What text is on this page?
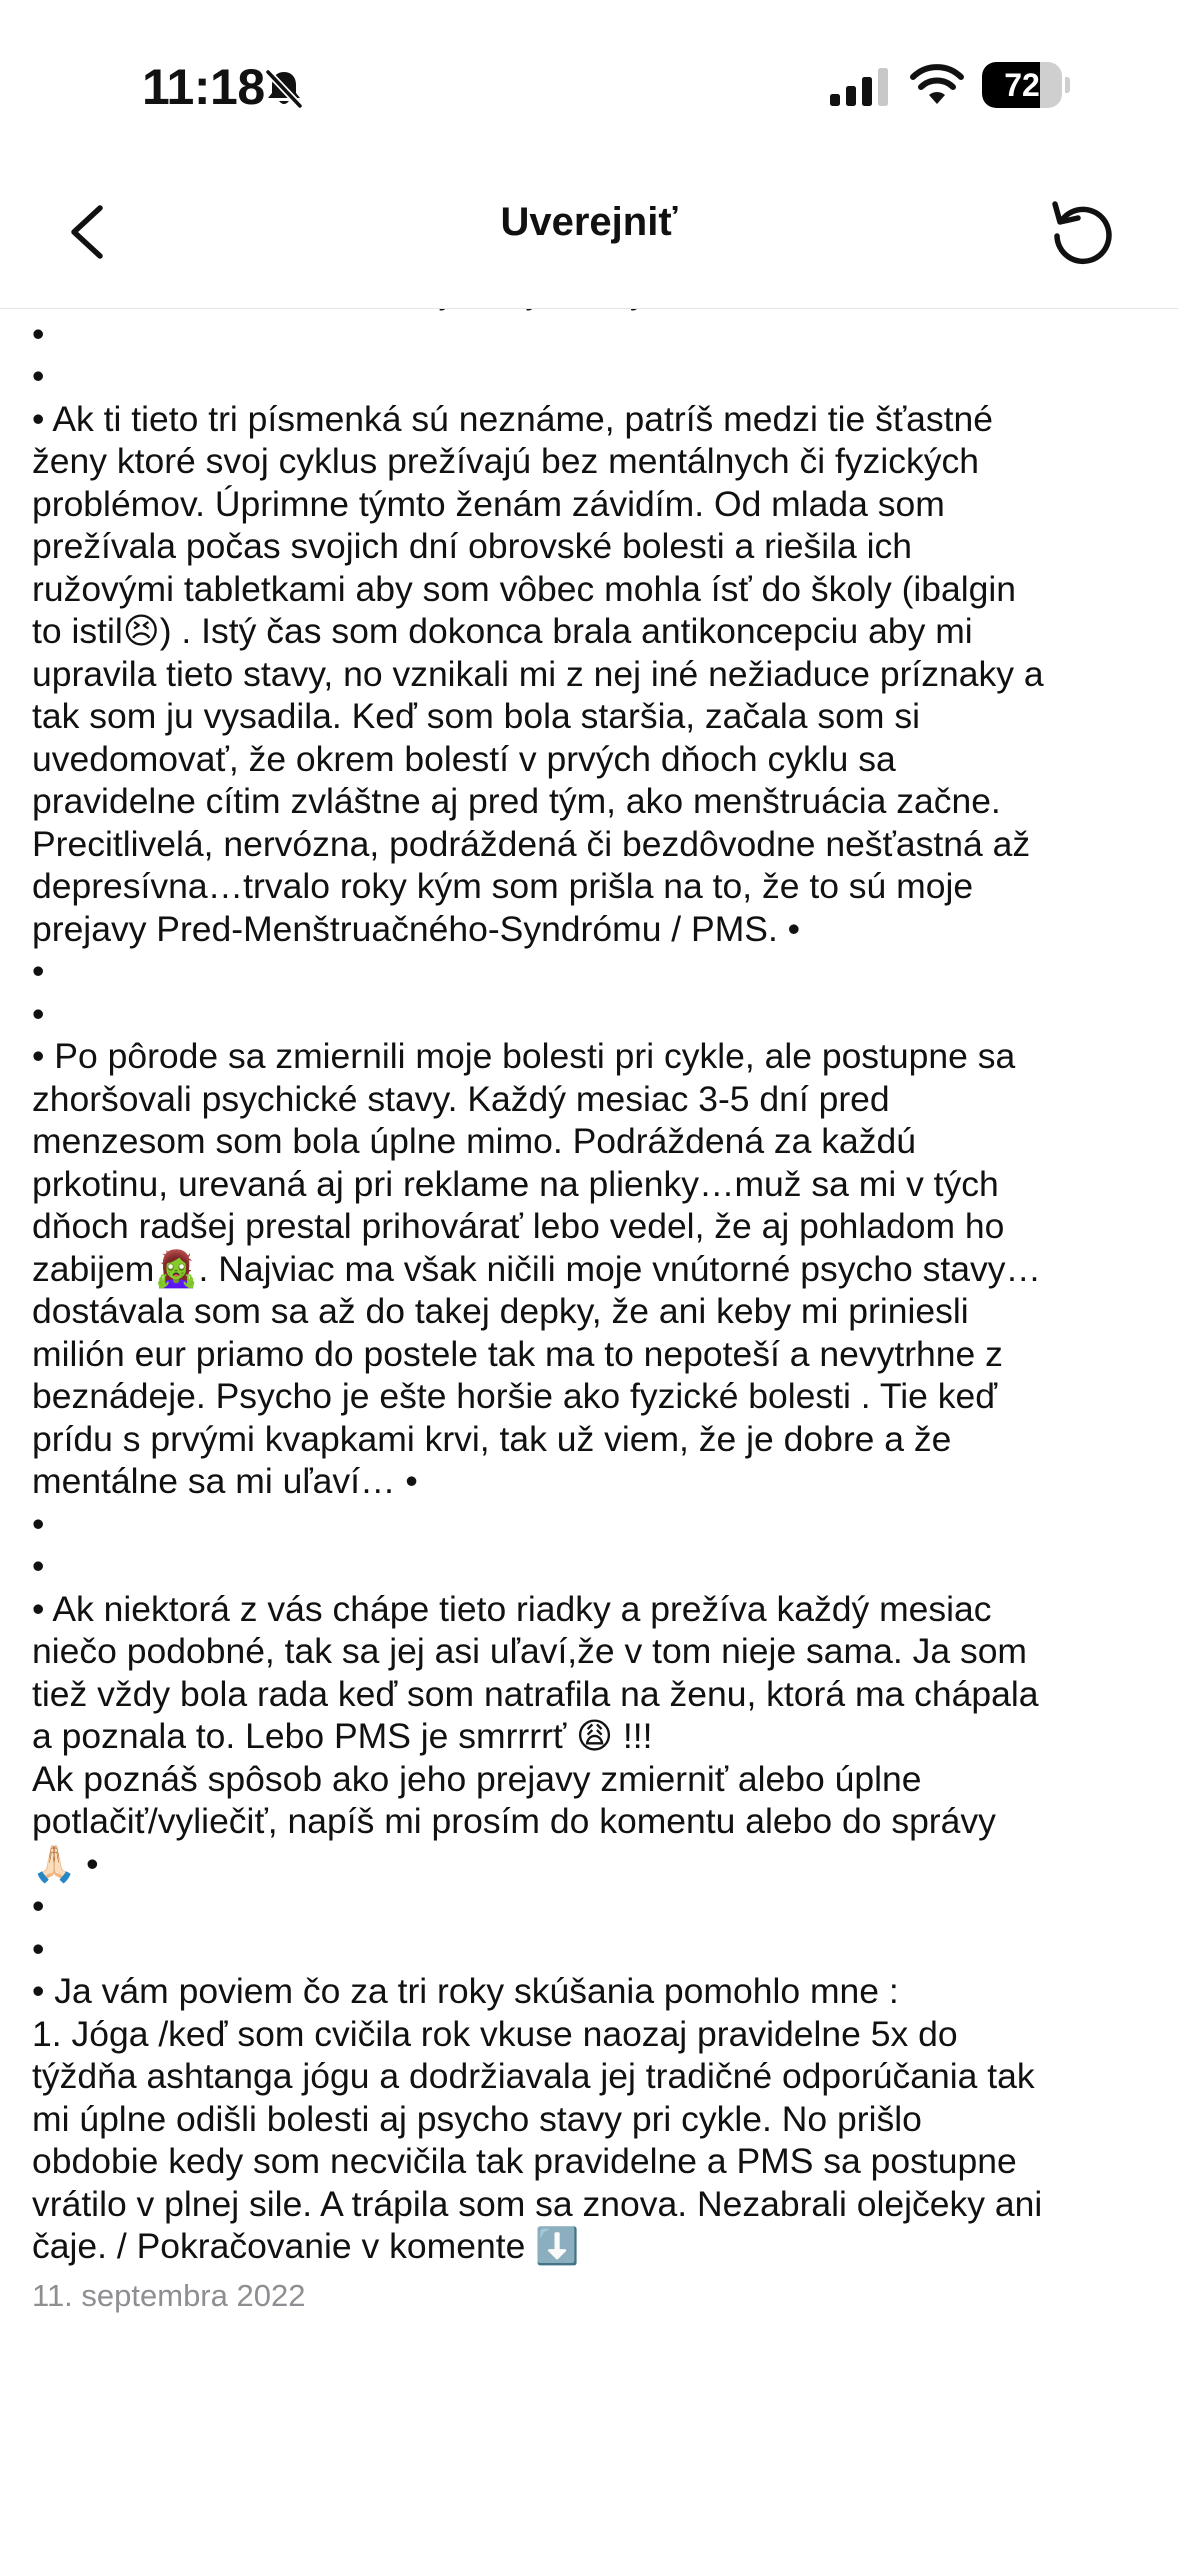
11:18	72
Uverejniť
•
•
• Ak ti tieto tri písmenká sú neznáme, patríš medzi tie šťastné
ženy ktoré svoj cyklus prežívajú bez mentálnych či fyzických
problémov. Úprimne týmto ženám závidím. Od mlada som
prežívala počas svojich dní obrovské bolesti a riešila ich
ružovými tabletkami aby som vôbec mohla ísť do školy (ibalgin
to istil😣) . Istý čas som dokonca brala antikoncepciu aby mi
upravila tieto stavy, no vznikali mi z nej iné nežiaduce príznaky a
tak som ju vysadila. Keď som bola staršia, začala som si
uvedomovať, že okrem bolestí v prvých dňoch cyklu sa
pravidelne cítim zvláštne aj pred tým, ako menštruácia začne.
Precitlivelá, nervózna, podráždená či bezdôvodne nešťastná až
depresívna…trvalo roky kým som prišla na to, že to sú moje
prejavy Pred-Menštruačného-Syndrómu / PMS. •
•
•
• Po pôrode sa zmiernili moje bolesti pri cykle, ale postupne sa
zhoršovali psychické stavy. Každý mesiac 3-5 dní pred
menzesom som bola úplne mimo. Podráždená za každú
prkotinu, urevaná aj pri reklame na plienky…muž sa mi v tých
dňoch radšej prestal prihovárať lebo vedel, že aj pohladom ho
zabijem🧟‍♀️. Najviac ma však ničili moje vnútorné psycho stavy…
dostávala som sa až do takej depky, že ani keby mi priniesli
milión eur priamo do postele tak ma to nepoteší a nevytrhne z
beznádeje. Psycho je ešte horšie ako fyzické bolesti . Tie keď
prídu s prvými kvapkami krvi, tak už viem, že je dobre a že
mentálne sa mi uľaví… •
•
•
• Ak niektorá z vás chápe tieto riadky a prežíva každý mesiac
niečo podobné, tak sa jej asi uľaví,že v tom nieje sama. Ja som
tiež vždy bola rada keď som natrafila na ženu, ktorá ma chápala
a poznala to. Lebo PMS je smrrrrť 😩 !!!
Ak poznáš spôsob ako jeho prejavy zmierniť alebo úplne
potlačiť/vyliečiť, napíš mi prosím do komentu alebo do správy
🙏🏻 •
•
•
• Ja vám poviem čo za tri roky skúšania pomohlo mne :
1. Jóga /keď som cvičila rok vkuse naozaj pravidelne 5x do
týždňa ashtanga jógu a dodržiavala jej tradičné odporúčania tak
mi úplne odišli bolesti aj psycho stavy pri cykle. No prišlo
obdobie kedy som necvičila tak pravidelne a PMS sa postupne
vrátilo v plnej sile. A trápila som sa znova. Nezabrali olejčeky ani
čaje. / Pokračovanie v komente ⬇️
11. septembra 2022
